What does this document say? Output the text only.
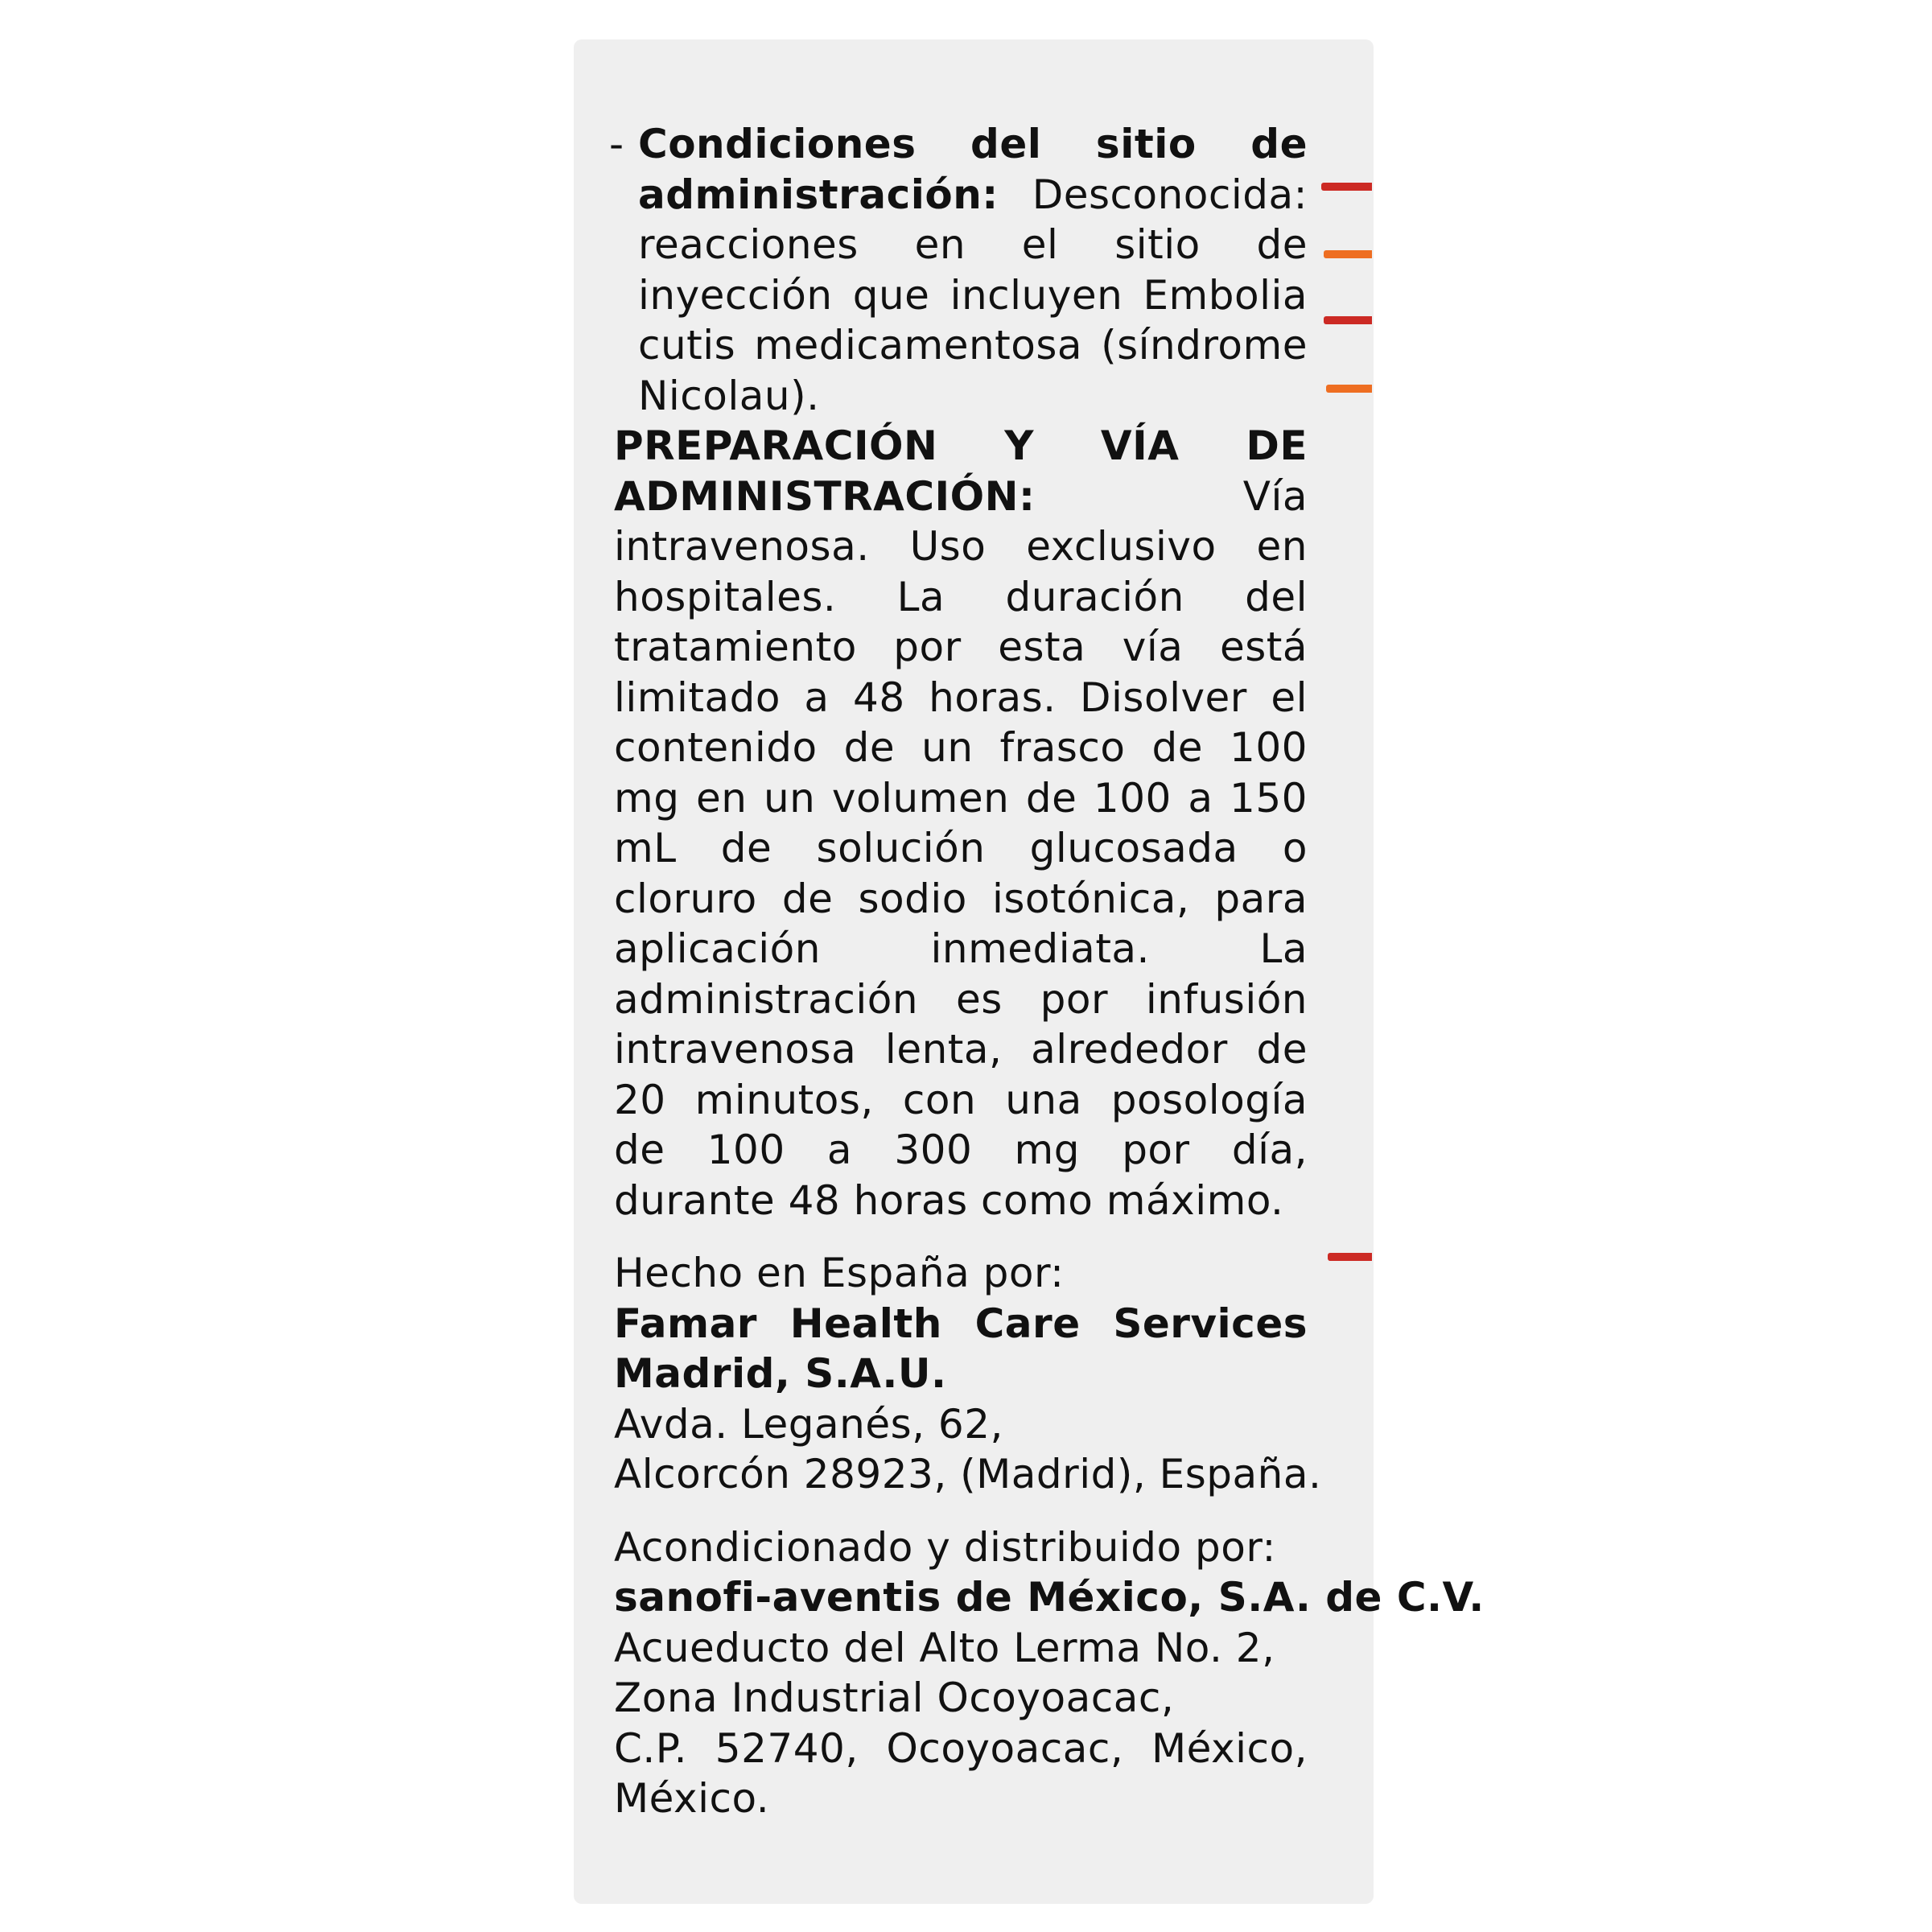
- Condiciones del sitio de administración: Desconocida: reacciones en el sitio de inyección que incluyen Embolia cutis medicamentosa (síndrome Nicolau).

PREPARACIÓN Y VÍA DE ADMINISTRACIÓN:	Vía intravenosa. Uso exclusivo en hospitales. La duración del tratamiento por esta vía está limitado a 48 horas. Disolver el contenido de un frasco de 100 mg en un volumen de 100 a 150 mL de solución glucosada o cloruro de sodio isotónica, para aplicación inmediata. La administración es por infusión intravenosa lenta, alrededor de 20 minutos, con una posología de 100 a 300 mg por día, durante 48 horas como máximo.

Hecho en España por:

Famar Health Care Services Madrid, S.A.U.

Avda. Leganés, 62,

Alcorcón 28923, (Madrid), España.

Acondicionado y distribuido por:

sanofi-aventis de México, S.A. de C.V.

Acueducto del Alto Lerma No. 2,

Zona Industrial Ocoyoacac,

C.P. 52740, Ocoyoacac, México,

México.
